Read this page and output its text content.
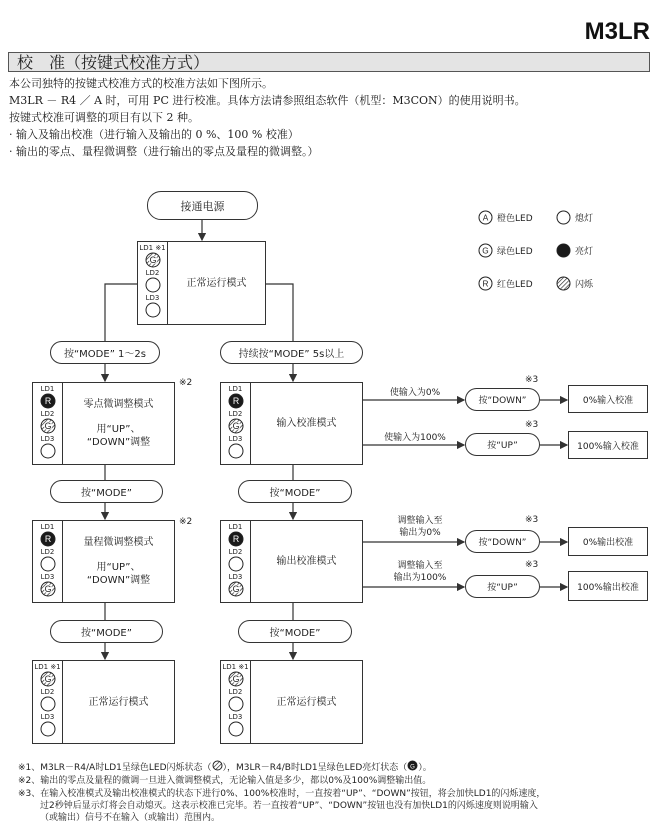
M3LR
校　准（按键式校准方式）
本公司独特的按键式校准方式的校准方法如下图所示。
M3LR － R4 ／ A 时，可用 PC 进行校准。具体方法请参照组态软件（机型：M3CON）的使用说明书。
按键式校准可调整的项目有以下 2 种。
· 输入及输出校准（进行输入及输出的 0 %、100 % 校准）
· 输出的零点、量程微调整（进行输出的零点及量程的微调整。）
接通电源
LD1 ※1
G
LD2
LD3
正常运行模式
按“MODE” 1～2s	持续按“MODE” 5s以上
LD1
R
LD2
G
LD3
零点微调整模式
用“UP”、
“DOWN”调整
※2
LD1
R
LD2
G
LD3
输入校准模式
按“MODE”	按“MODE”
LD1
R
LD2
LD3
G
量程微调整模式
用“UP”、
“DOWN”调整
※2	LD1
R
LD2
LD3
G
输出校准模式
按“MODE”	按“MODE”
LD1 ※1
G
LD2
LD3
正常运行模式
LD1 ※1
G
LD2
LD3
正常运行模式
使输入为0%
※3
按“DOWN”	0%输入校准
使输入为100%
※3
按“UP”	100%输入校准
调整输入至
输出为0%
※3
按“DOWN”	0%输出校准
调整输入至
输出为100%
※3
按“UP”	100%输出校准
A 橙色LED	熄灯
G 绿色LED	亮灯
R 红色LED	闪烁
※1、M3LR－R4/A时LD1呈绿色LED闪烁状态（ ），M3LR－R4/B时LD1呈绿色LED亮灯状态（ G ）。
※2、输出的零点及量程的微调一旦进入微调整模式，无论输入值是多少，都以0%及100%调整输出值。
※3、在输入校准模式及输出校准模式的状态下进行0%、100%校准时，一直按着“UP”、“DOWN”按钮，将会加快LD1的闪烁速度，
过2秒钟后显示灯将会自动熄灭。这表示校准已完毕。若一直按着“UP”、“DOWN”按钮也没有加快LD1的闪烁速度则说明输入
（或输出）信号不在输入（或输出）范围内。
